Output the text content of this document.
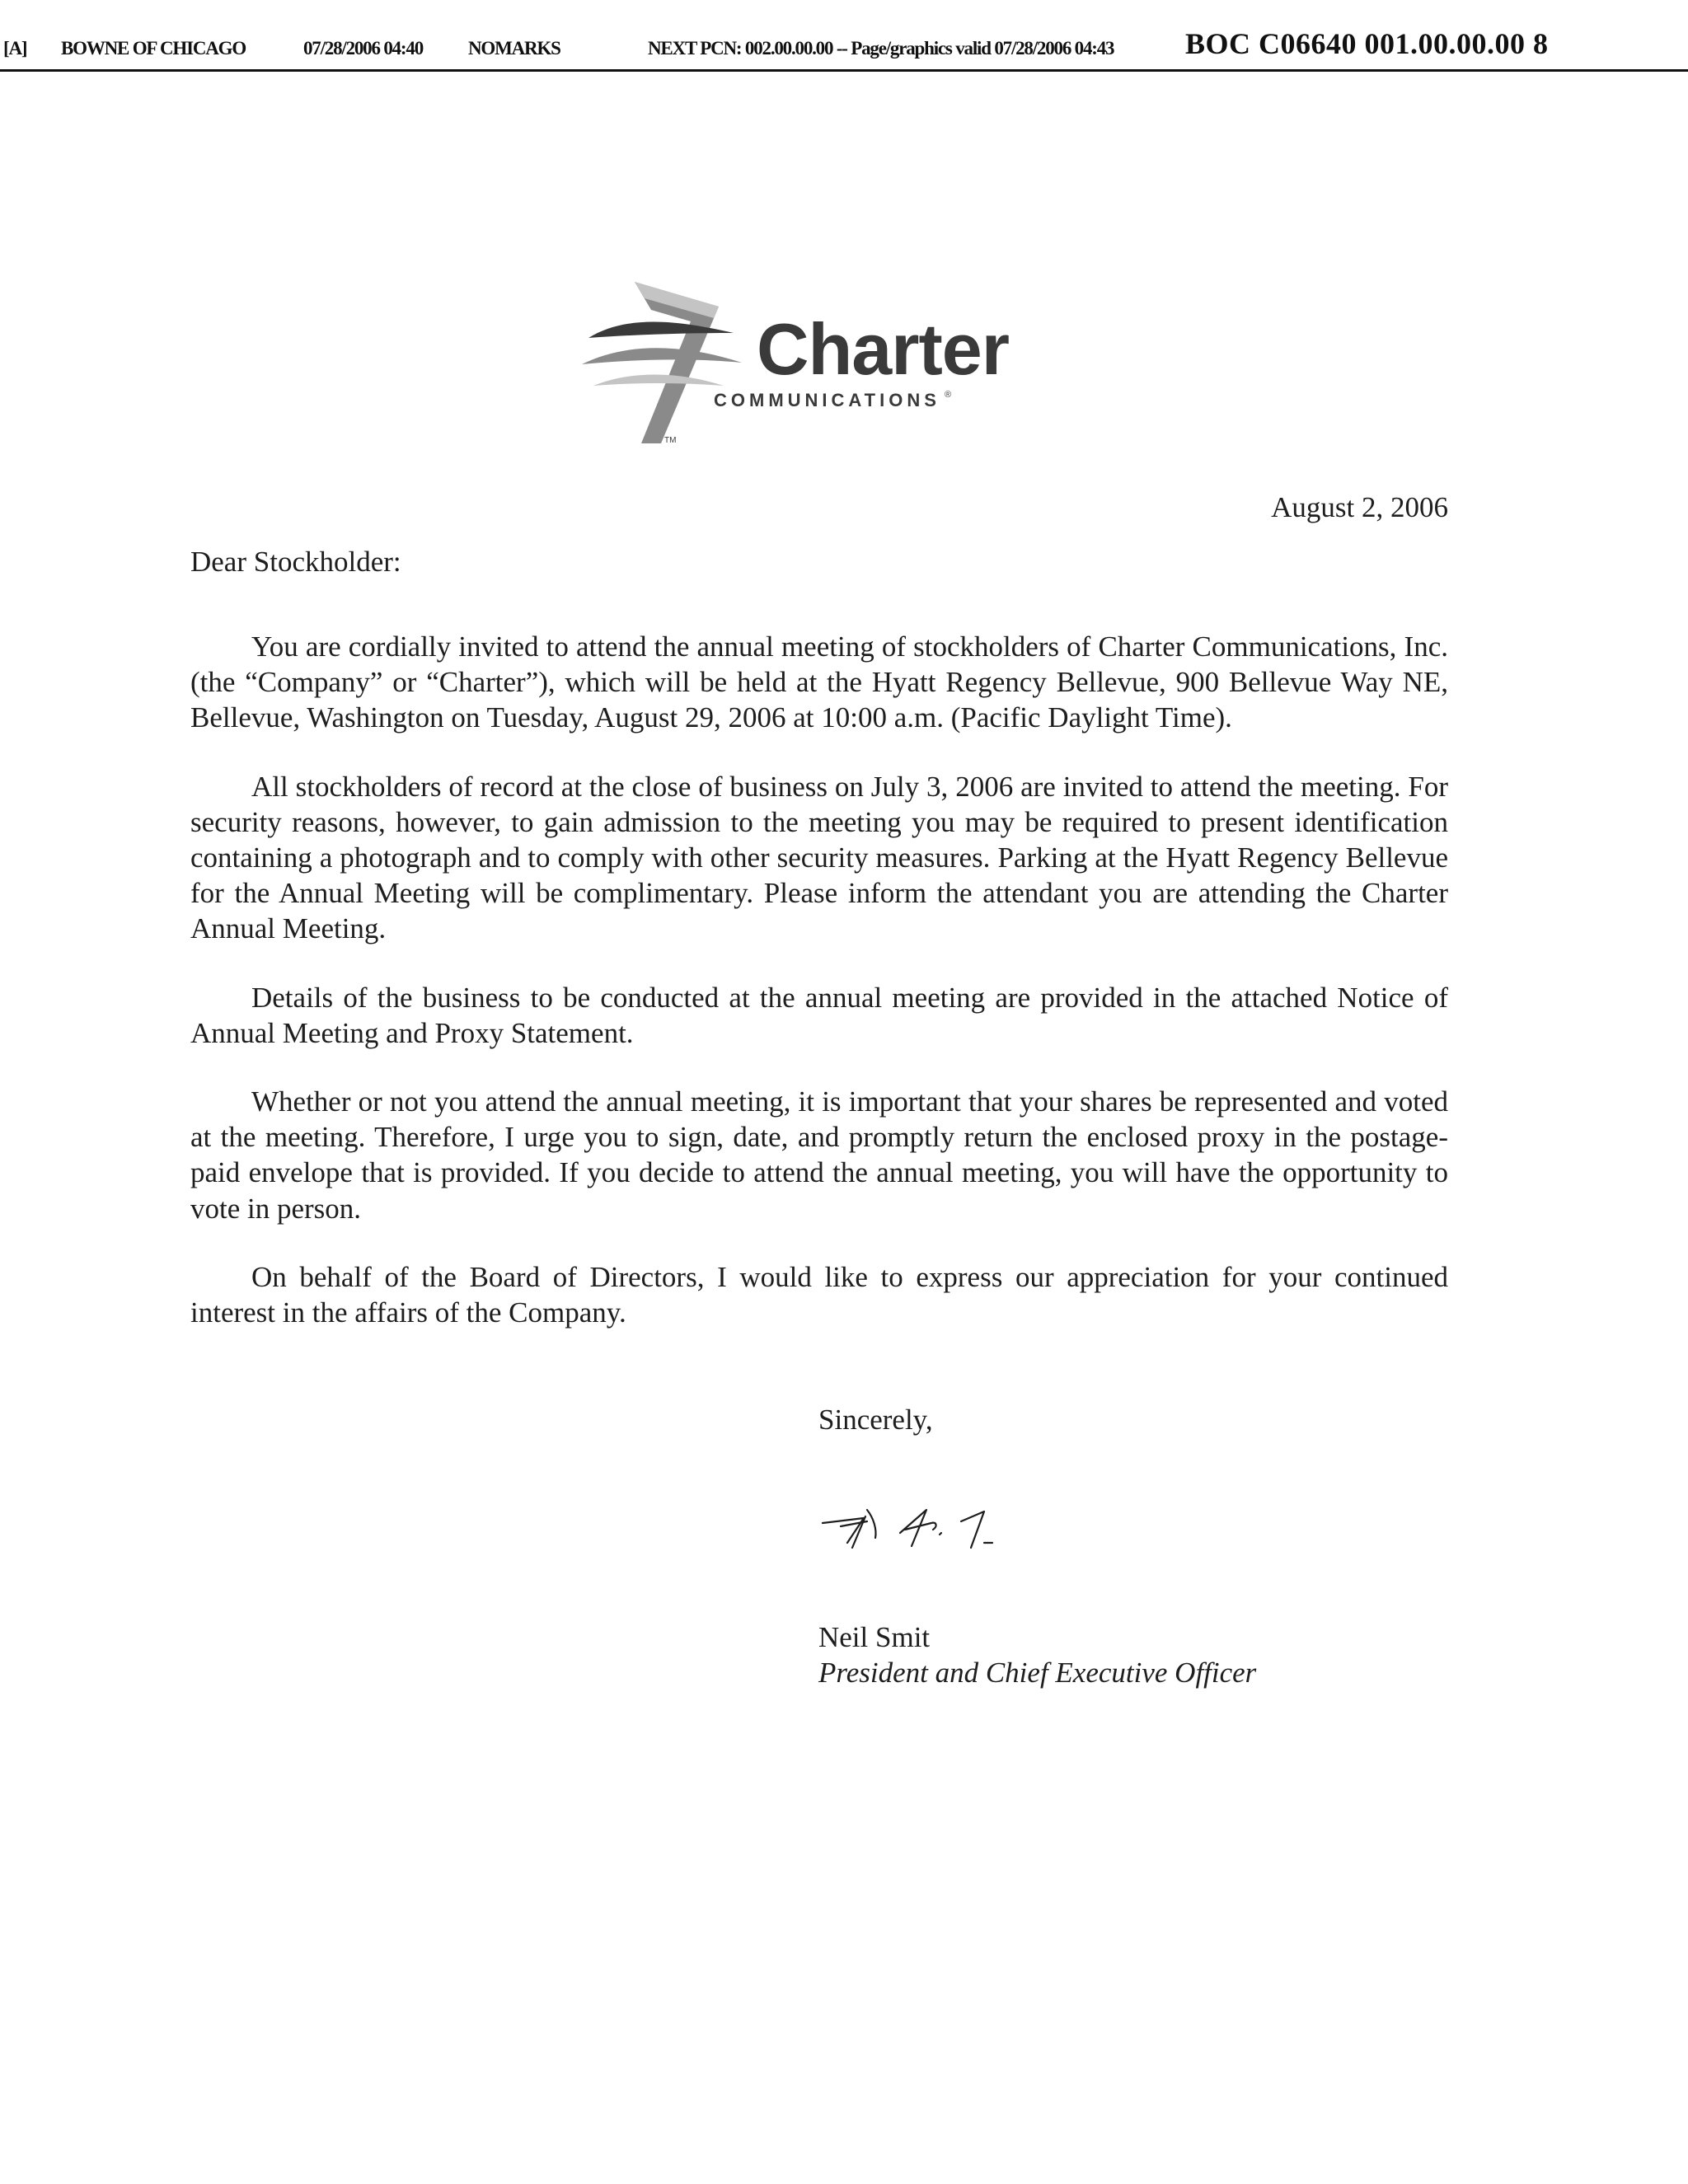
[A] BOWNE OF CHICAGO	07/28/2006 04:40 NOMARKS	NEXT PCN: 002.00.00.00 -- Page/graphics valid 07/28/2006 04:43 BOC C06640 001.00.00.00 8
Charter
COMMUNICATIONS ®
TM
August 2, 2006
Dear Stockholder:

You are cordially invited to attend the annual meeting of stockholders of Charter Communications, Inc. (the “Company” or “Charter”), which will be held at the Hyatt Regency Bellevue, 900 Bellevue Way NE, Bellevue, Washington on Tuesday, August 29, 2006 at 10:00 a.m. (Pacific Daylight Time).

All stockholders of record at the close of business on July 3, 2006 are invited to attend the meeting. For security reasons, however, to gain admission to the meeting you may be required to present identification containing a photograph and to comply with other security measures. Parking at the Hyatt Regency Bellevue for the Annual Meeting will be complimentary. Please inform the attendant you are attending the Charter Annual Meeting.

Details of the business to be conducted at the annual meeting are provided in the attached Notice of Annual Meeting and Proxy Statement.

Whether or not you attend the annual meeting, it is important that your shares be represented and voted at the meeting. Therefore, I urge you to sign, date, and promptly return the enclosed proxy in the postage-paid envelope that is provided. If you decide to attend the annual meeting, you will have the opportunity to vote in person.

On behalf of the Board of Directors, I would like to express our appreciation for your continued interest in the affairs of the Company.

Sincerely,
Neil Smit
President and Chief Executive Officer
